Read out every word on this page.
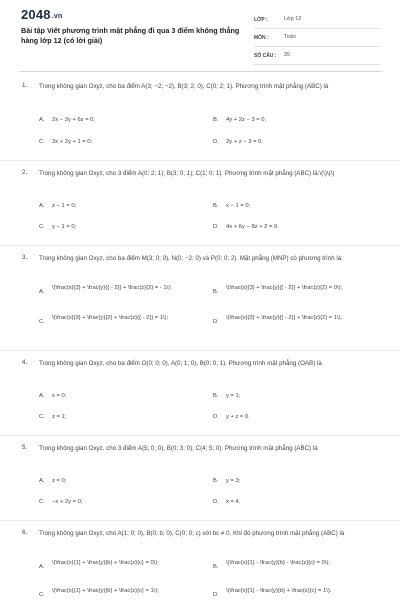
2048.vn
Bài tập Viết phương trình mặt phẳng đi qua 3 điểm không thẳng hàng lớp 12 (có lời giải)
LỚP :	Lớp 12
MÔN :	Toán
SỐ CÂU : 25
1. Trong không gian Oxyz, cho ba điểm A(3; −2; −2), B(3; 2; 0), C(0; 2; 1). Phương trình mặt phẳng (ABC) là
A.	2x − 3y + 6z = 0;	B.	4y + 2z − 3 = 0;
C.	3x + 2y + 1 = 0;	D.	2y + z − 3 = 0.
2. Trong không gian Oxyz, cho 3 điểm A(0; 2; 1); B(3; 0; 1); C(1; 0; 1). Phương trình mặt phẳng (ABC) là:\(\)\(\)
A.	z − 1 = 0;	B.	x − 1 = 0;
C.	y − 1 = 0;	D.	4x + 6y − 8z + 2 = 0.
3. Trong không gian Oxyz, cho ba điểm M(3; 0; 0), N(0; −2; 0) và P(0; 0; 2). Mặt phẳng (MNP) có phương trình là:
A.
\(\frac{x}{3} + \frac{y}{{ - 2}} + \frac{z}{2} = - 1\);
B.
\(\frac{x}{3} + \frac{y}{{ - 2}} + \frac{z}{2} = 0\);
C.
\(\frac{x}{3} + \frac{y}{2} + \frac{z}{{ - 2}} = 1\);
D.
\(\frac{x}{3} + \frac{y}{{ - 2}} + \frac{z}{2} = 1\).
4. Trong không gian Oxyz, cho ba điểm O(0; 0; 0), A(0; 1; 0), B(0; 0; 1). Phương trình mặt phẳng (OAB) là
A.	x = 0;	B.	y = 1;
C.	z = 1;	D.	y + z = 0.
5. Trong không gian Oxyz, cho 3 điểm A(5; 0; 0), B(0; 3; 0), C(4; 5; 0). Phương trình mặt phẳng (ABC) là
A.	z = 0;	B.	y = 3;
C.	−x + 2y = 0;	D.	x = 4.
6. Trong không gian Oxyz, cho A(1; 0; 0), B(0; b; 0), C(0; 0; c) với bc ≠ 0. Khi đó phương trình mặt phẳng (ABC) là
A.
\(\frac{x}{1} + \frac{y}{b} + \frac{z}{c} = 0\);
B.
\(\frac{x}{1} - \frac{y}{b} - \frac{z}{c} = 0\);
C.
\(\frac{x}{1} + \frac{y}{b} + \frac{z}{c} = 1\);
D.
\(\frac{x}{1} - \frac{y}{b} + \frac{z}{c} = 1\).
